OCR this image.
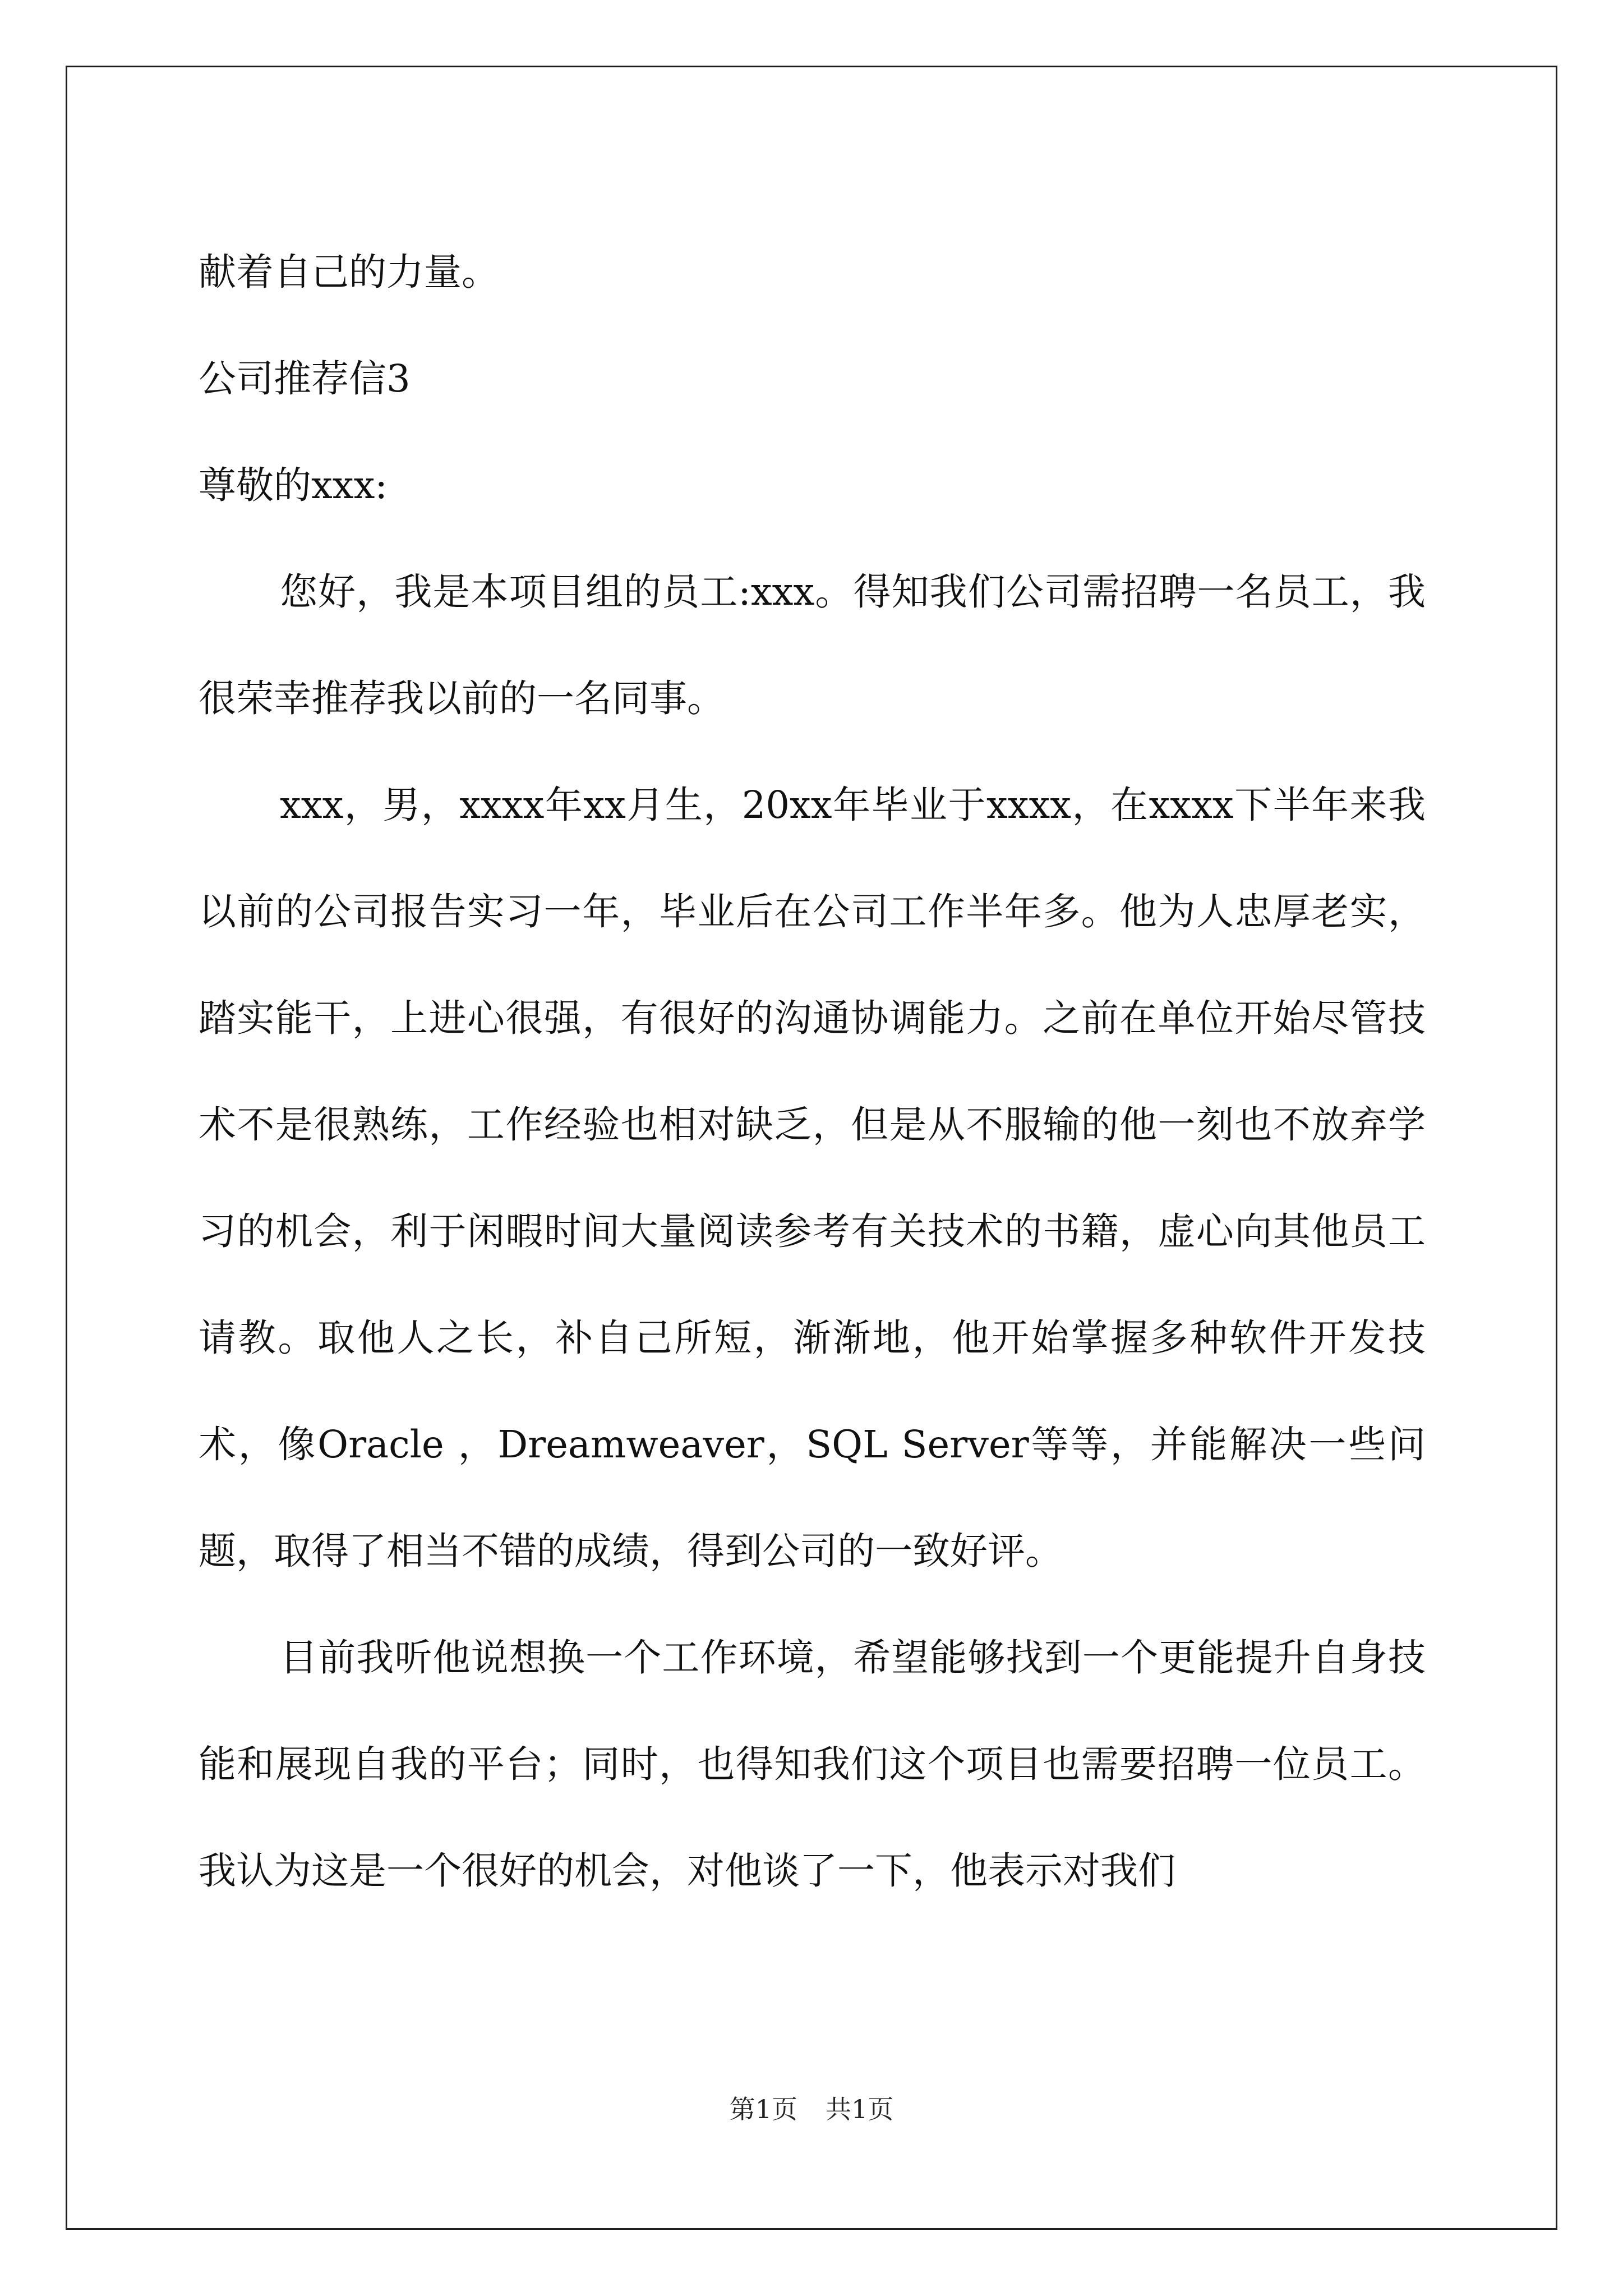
献着自己的力量。

公司推荐信3

尊敬的xxx:

您好，我是本项目组的员工:xxx。得知我们公司需招聘一名员工，我很荣幸推荐我以前的一名同事。

xxx，男，xxxx年xx月生，20xx年毕业于xxxx，在xxxx下半年来我以前的公司报告实习一年，毕业后在公司工作半年多。他为人忠厚老实，踏实能干，上进心很强，有很好的沟通协调能力。之前在单位开始尽管技术不是很熟练，工作经验也相对缺乏，但是从不服输的他一刻也不放弃学习的机会，利于闲暇时间大量阅读参考有关技术的书籍，虚心向其他员工请教。取他人之长，补自己所短，渐渐地，他开始掌握多种软件开发技术，像Oracle ，Dreamweaver，SQL Server等等，并能解决一些问题，取得了相当不错的成绩，得到公司的一致好评。

目前我听他说想换一个工作环境，希望能够找到一个更能提升自身技能和展现自我的平台；同时，也得知我们这个项目也需要招聘一位员工。我认为这是一个很好的机会，对他谈了一下，他表示对我们

第1页 共1页
